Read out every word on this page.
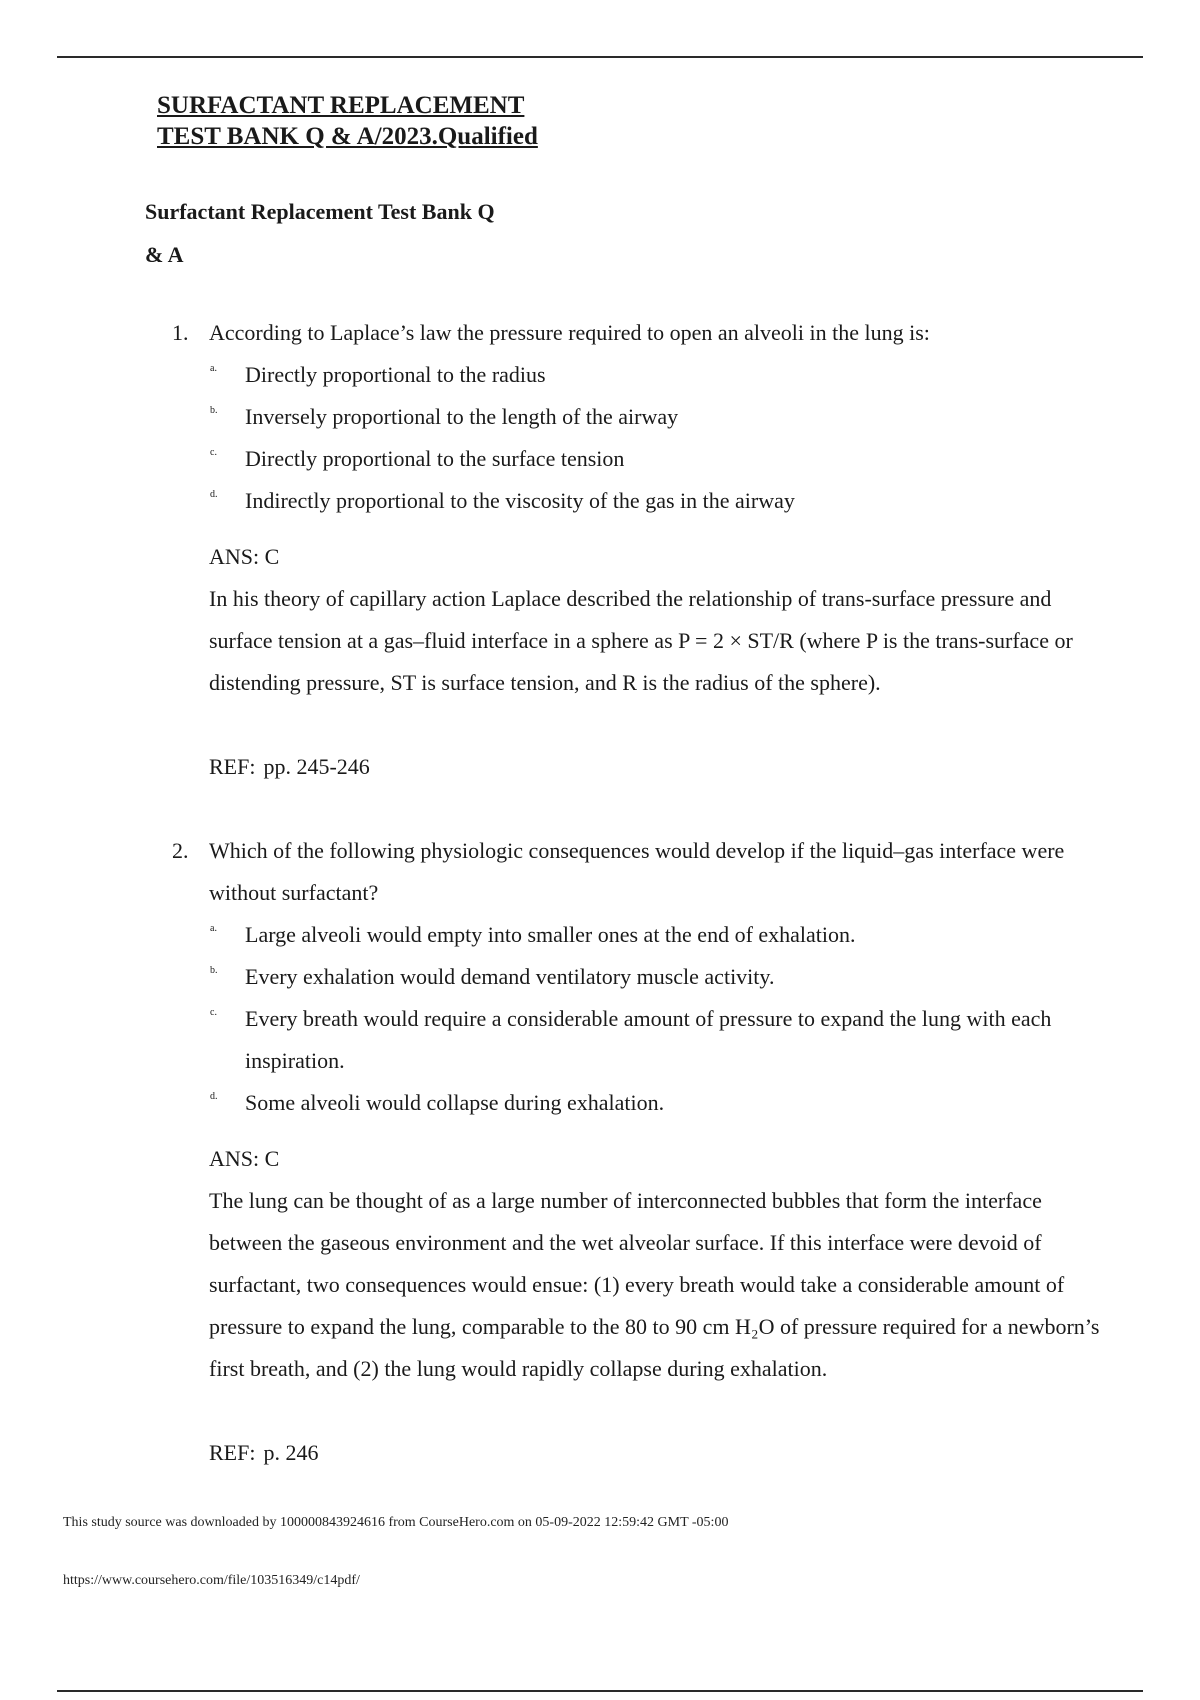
SURFACTANT REPLACEMENT
TEST BANK Q & A/2023.Qualified
Surfactant Replacement Test Bank Q
& A
1. According to Laplace’s law the pressure required to open an alveoli in the lung is:
a. Directly proportional to the radius
b. Inversely proportional to the length of the airway
c. Directly proportional to the surface tension
d. Indirectly proportional to the viscosity of the gas in the airway
ANS: C
In his theory of capillary action Laplace described the relationship of trans-surface pressure and surface tension at a gas–fluid interface in a sphere as P = 2 × ST/R (where P is the trans-surface or distending pressure, ST is surface tension, and R is the radius of the sphere).
REF: pp. 245-246
2. Which of the following physiologic consequences would develop if the liquid–gas interface were without surfactant?
a. Large alveoli would empty into smaller ones at the end of exhalation.
b. Every exhalation would demand ventilatory muscle activity.
c. Every breath would require a considerable amount of pressure to expand the lung with each inspiration.
d. Some alveoli would collapse during exhalation.
ANS: C
The lung can be thought of as a large number of interconnected bubbles that form the interface between the gaseous environment and the wet alveolar surface. If this interface were devoid of surfactant, two consequences would ensue: (1) every breath would take a considerable amount of pressure to expand the lung, comparable to the 80 to 90 cm H₂O of pressure required for a newborn’s first breath, and (2) the lung would rapidly collapse during exhalation.
REF: p. 246
This study source was downloaded by 100000843924616 from CourseHero.com on 05-09-2022 12:59:42 GMT -05:00
https://www.coursehero.com/file/103516349/c14pdf/
